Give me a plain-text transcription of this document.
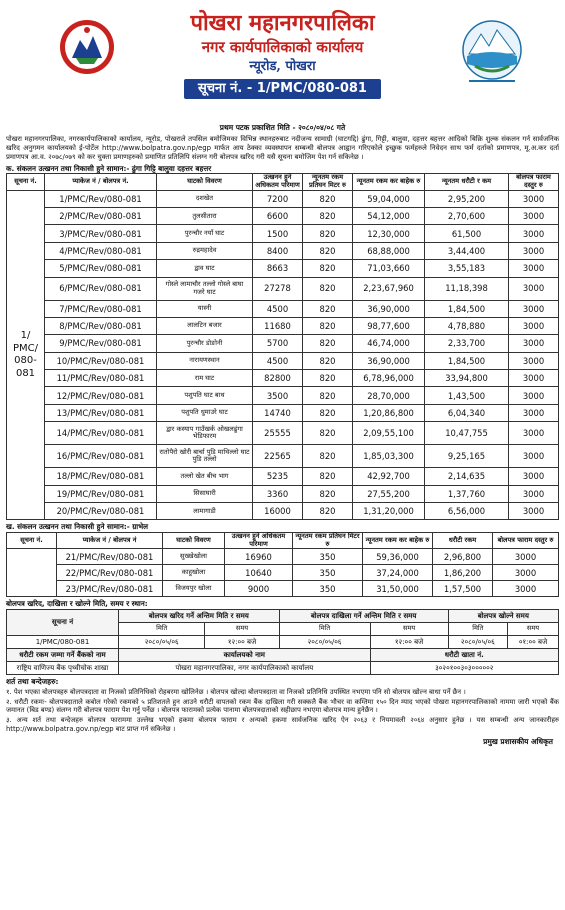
पोखरा महानगरपालिका
नगर कार्यपालिकाको कार्यालय
न्यूरोड, पोखरा
सूचना नं. - 1/PMC/080-081
प्रथम पटक प्रकाशित मिति - २०८०/०४/०८ गते
पोखरा महानगरपालिका, नगरकार्यपालिकाको कार्यालय, न्यूरोड, पोखराले तपसिल बमोजिमका विभिन्न स्थानहरुबाट नदीजन्य सामाग्री (घाटगद्दि) ढुंगा, गिट्टी, बालुवा, दहत्तर बहत्तर आदिको बिक्रि शुल्क संकलन गर्न सार्वजनिक खरिद अनुगमन कार्यालयको ई-पोर्टेल http://www.bolpatra.gov.np/egp मार्फत आय ठेक्का व्यवस्थापन सम्बन्धी बोलपत्र आह्वान गरिएकोले इच्छुक फर्महरुले निवेदन साथ फर्म दर्ताको प्रमाणपत्र, मू.अ.कर दर्ता प्रमाणपत्र आ.व. २०७८/०७९ को कर चुक्ता प्रमाणहरुको प्रमाणित प्रतिलिपि संलग्न गरी बोलपत्र खरिद गरी यसै सूचना बमोजिम पेश गर्न सकिनेछ ।
क. संकलन उत्खनन तथा निकासी हुने सामान:- ढुंगा गिट्टि बालुवा दहत्तर बहत्तर
सूचना नं.	प्याकेज नं / बोलपत्र नं.	घाटको विवरण	उत्खनन हुने अधिकतम परिमाण	न्यूनतम रकम प्रतिघन मिटर रु	न्यूनतम रकम कर बाहेक रु	न्यूनतम धरौटी र कम	बोलपत्र फाराम दस्तुर रु
1/ PMC/ 080- 081	1/PMC/Rev/080-081	दशखेत	7200	820	59,04,000	2,95,200	3000
	2/PMC/Rev/080-081	तुलसीतारा	6600	820	54,12,000	2,70,600	3000
	3/PMC/Rev/080-081	पुरन्चौर नयाँ घाट	1500	820	12,30,000	61,500	3000
	4/PMC/Rev/080-081	रुद्रमहादेव	8400	820	68,88,000	3,44,400	3000
	5/PMC/Rev/080-081	द्वाव घाट	8663	820	71,03,660	3,55,183	3000
	6/PMC/Rev/080-081	गोस्ले लामाचौर तल्लो गोस्ले बाघा गजरे घाट	27278	820	2,23,67,960	11,18,398	3000
	7/PMC/Rev/080-081	यास्नी	4500	820	36,90,000	1,84,500	3000
	8/PMC/Rev/080-081	लालटिन बजार	11680	820	98,77,600	4,78,880	3000
	9/PMC/Rev/080-081	पुरन्चौर डोङोनी	5700	820	46,74,000	2,33,700	3000
	10/PMC/Rev/080-081	नारायणस्थान	4500	820	36,90,000	1,84,500	3000
	11/PMC/Rev/080-081	राम घाट	82800	820	6,78,96,000	33,94,800	3000
	12/PMC/Rev/080-081	पशुपति घाट बाथ	3500	820	28,70,000	1,43,500	3000
	13/PMC/Rev/080-081	पशुपति धुमाउरे घाट	14740	820	1,20,86,800	6,04,340	3000
	14/PMC/Rev/080-081	द्वार कस्याप गाउँखर्क ओखलढुंगा भेडिफारम	25555	820	2,09,55,100	10,47,755	3000
	16/PMC/Rev/080-081	रातोपैरो खोरी बार्चा पुडि माथिल्लो घाट पुडि तल्लो	22565	820	1,85,03,300	9,25,165	3000
	18/PMC/Rev/080-081	तल्लो खेत बीच भाग	5235	820	42,92,700	2,14,635	3000
	19/PMC/Rev/080-081	सिसाघारी	3360	820	27,55,200	1,37,760	3000
	20/PMC/Rev/080-081	लामागाडी	16000	820	1,31,20,000	6,56,000	3000
ख. संकलन उत्खनन तथा निकासी हुने सामान:- ग्राभेल
सूचना नं.	प्याकेज नं / बोलपत्र नं	घाटको विवरण	उत्खनन हुने अधिकतम परिमाण	न्यूनतम रकम प्रतिघन मिटर रु	न्यूनतम रकम कर बाहेक रु	धरौटी रकम	बोलपत्र फाराम दस्तुर रु
	21/PMC/Rev/080-081	सुख्खेखोला	16960	350	59,36,000	2,96,800	3000
	22/PMC/Rev/080-081	काहुखोला	10640	350	37,24,000	1,86,200	3000
	23/PMC/Rev/080-081	विजयपुर खोला	9000	350	31,50,000	1,57,500	3000
बोलपत्र खरिद, दाखिला र खोल्ने मिति, समय र स्थान:
सूचना नं	बोलपत्र खरिद गर्ने अन्तिम मिति र समय		बोलपत्र दाखिला गर्ने अन्तिम मिति र समय		बोलपत्र खोल्ने समय	
	मिति	समय	मिति	समय	मिति	समय
1/PMC/080-081	२०८०/०५/०६	१२:०० बजे	२०८०/०५/०६	१२:०० बजे	२०८०/०५/०६	०१:०० बजे
धरौटी रकम जम्मा गर्ने बैंकको नाम	कार्यालयको नाम			धरौटी खाता नं.		
राष्ट्रिय वाणिज्य बैंक पृथ्वीचोक शाखा	पोखरा महानगरपालिका, नगर कार्यपालिकाको कार्यालय			३०२०१००३०३०००००२		
शर्त तथा बन्देजहरु:

१. पेश भएका बोलपत्रहरु बोलपत्रदाता वा निजको प्रतिनिधिको रोहबरमा खोलिनेछ । बोलपत्र खोल्दा बोलपत्रदाता वा निजको प्रतिनिधि उपस्थित नभएमा पनि सो बोलपत्र खोल्न बाधा पर्ने छैन ।

२. धरौटी रकमः- बोलपत्रदाताले कबोल गरेको रकमको ५ प्रतिशतले हुन आउने धरौटी वापतको रकम बैंक दाखिला गरी सक्कलै बैंक भौचर वा कम्तिमा १५० दिन म्याद भएको पोखरा महानगरपालिकाको नाममा जारी भएको बैंक जमानत (बिड बण्ड) संलग्न गरी बोलपत्र फाराम पेश गर्नु पर्नेछ । बोलपत्र फारामको प्रत्येक पानामा बोलपत्रदाताको सहीछाप नभएमा बोलपत्र मान्य हुनेछैन ।

३. अन्य शर्त तथा बन्देजहरु बोलपत्र फाराममा उल्लेख भएको हकमा बोलपत्र फाराम र अन्यको हकमा सार्वजनिक खरिद ऐन २०६३ र नियमावली २०६४ अनुसार हुनेछ । यस सम्बन्धी अन्य जानकारीहरु http://www.bolpatra.gov.np/egp बाट प्राप्त गर्न सकिनेछ ।

प्रमुख प्रशासकीय अधिकृत
